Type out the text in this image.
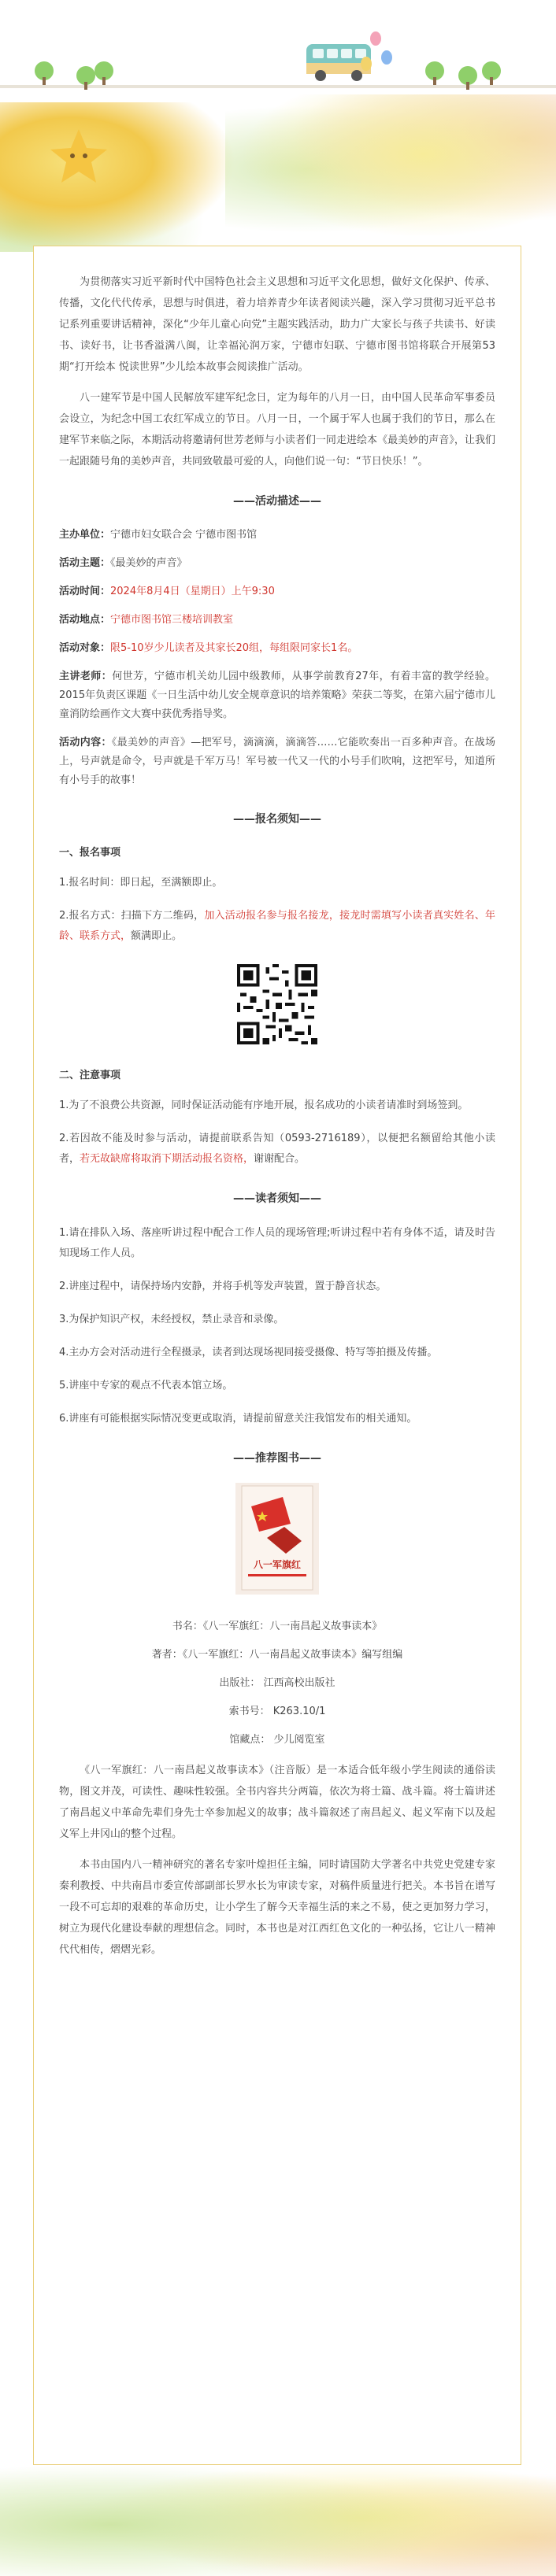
为贯彻落实习近平新时代中国特色社会主义思想和习近平文化思想，做好文化保护、传承、传播，文化代代传承，思想与时俱进，着力培养青少年读者阅读兴趣，深入学习贯彻习近平总书记系列重要讲话精神，深化“少年儿童心向党”主题实践活动，助力广大家长与孩子共读书、好读书、读好书，让书香溢满八闽，让幸福沁润万家，宁德市妇联、宁德市图书馆将联合开展第53期“打开绘本 悦读世界”少儿绘本故事会阅读推广活动。

八一建军节是中国人民解放军建军纪念日，定为每年的八月一日，由中国人民革命军事委员会设立，为纪念中国工农红军成立的节日。八月一日，一个属于军人也属于我们的节日，那么在建军节来临之际，本期活动将邀请何世芳老师与小读者们一同走进绘本《最美妙的声音》，让我们一起跟随号角的美妙声音，共同致敬最可爱的人，向他们说一句：“节日快乐！”。

——活动描述——
主办单位：宁德市妇女联合会 宁德市图书馆
活动主题：《最美妙的声音》
活动时间：2024年8月4日（星期日）上午9:30
活动地点：宁德市图书馆三楼培训教室
活动对象：限5-10岁少儿读者及其家长20组，每组限同家长1名。
主讲老师：何世芳，宁德市机关幼儿园中级教师，从事学前教育27年，有着丰富的教学经验。2015年负责区课题《一日生活中幼儿安全规章意识的培养策略》荣获二等奖，在第六届宁德市儿童消防绘画作文大赛中获优秀指导奖。
活动内容：《最美妙的声音》—把军号，滴滴滴，滴滴答……它能吹奏出一百多种声音。在战场上，号声就是命令，号声就是千军万马！军号被一代又一代的小号手们吹响，这把军号，知道所有小号手的故事！
——报名须知——
一、报名事项
1.报名时间：即日起，至满额即止。
2.报名方式：扫描下方二维码，加入活动报名参与报名接龙，接龙时需填写小读者真实姓名、年龄、联系方式，额满即止。
二、注意事项
1.为了不浪费公共资源，同时保证活动能有序地开展，报名成功的小读者请准时到场签到。
2.若因故不能及时参与活动，请提前联系告知（0593-2716189），以便把名额留给其他小读者，若无故缺席将取消下期活动报名资格，谢谢配合。
——读者须知——
1.请在排队入场、落座听讲过程中配合工作人员的现场管理;听讲过程中若有身体不适，请及时告知现场工作人员。
2.讲座过程中，请保持场内安静，并将手机等发声装置，置于静音状态。
3.为保护知识产权，未经授权，禁止录音和录像。
4.主办方会对活动进行全程摄录，读者到达现场视同接受摄像、特写等拍摄及传播。
5.讲座中专家的观点不代表本馆立场。
6.讲座有可能根据实际情况变更或取消，请提前留意关注我馆发布的相关通知。
——推荐图书——
八一军旗红
书名：《八一军旗红：八一南昌起义故事读本》
著者：《八一军旗红：八一南昌起义故事读本》编写组编
出版社： 江西高校出版社
索书号： K263.10/1
馆藏点： 少儿阅览室

《八一军旗红：八一南昌起义故事读本》（注音版）是一本适合低年级小学生阅读的通俗读物，图文并茂，可读性、趣味性较强。全书内容共分两篇，依次为将士篇、战斗篇。将士篇讲述了南昌起义中革命先辈们身先士卒参加起义的故事；战斗篇叙述了南昌起义、起义军南下以及起义军上井冈山的整个过程。

本书由国内八一精神研究的著名专家叶煌担任主编，同时请国防大学著名中共党史党建专家秦利教授、中共南昌市委宣传部副部长罗水长为审读专家，对稿件质量进行把关。本书旨在谱写一段不可忘却的艰难的革命历史，让小学生了解今天幸福生活的来之不易，使之更加努力学习，树立为现代化建设奉献的理想信念。同时，本书也是对江西红色文化的一种弘扬，它让八一精神代代相传，熠熠光彩。
